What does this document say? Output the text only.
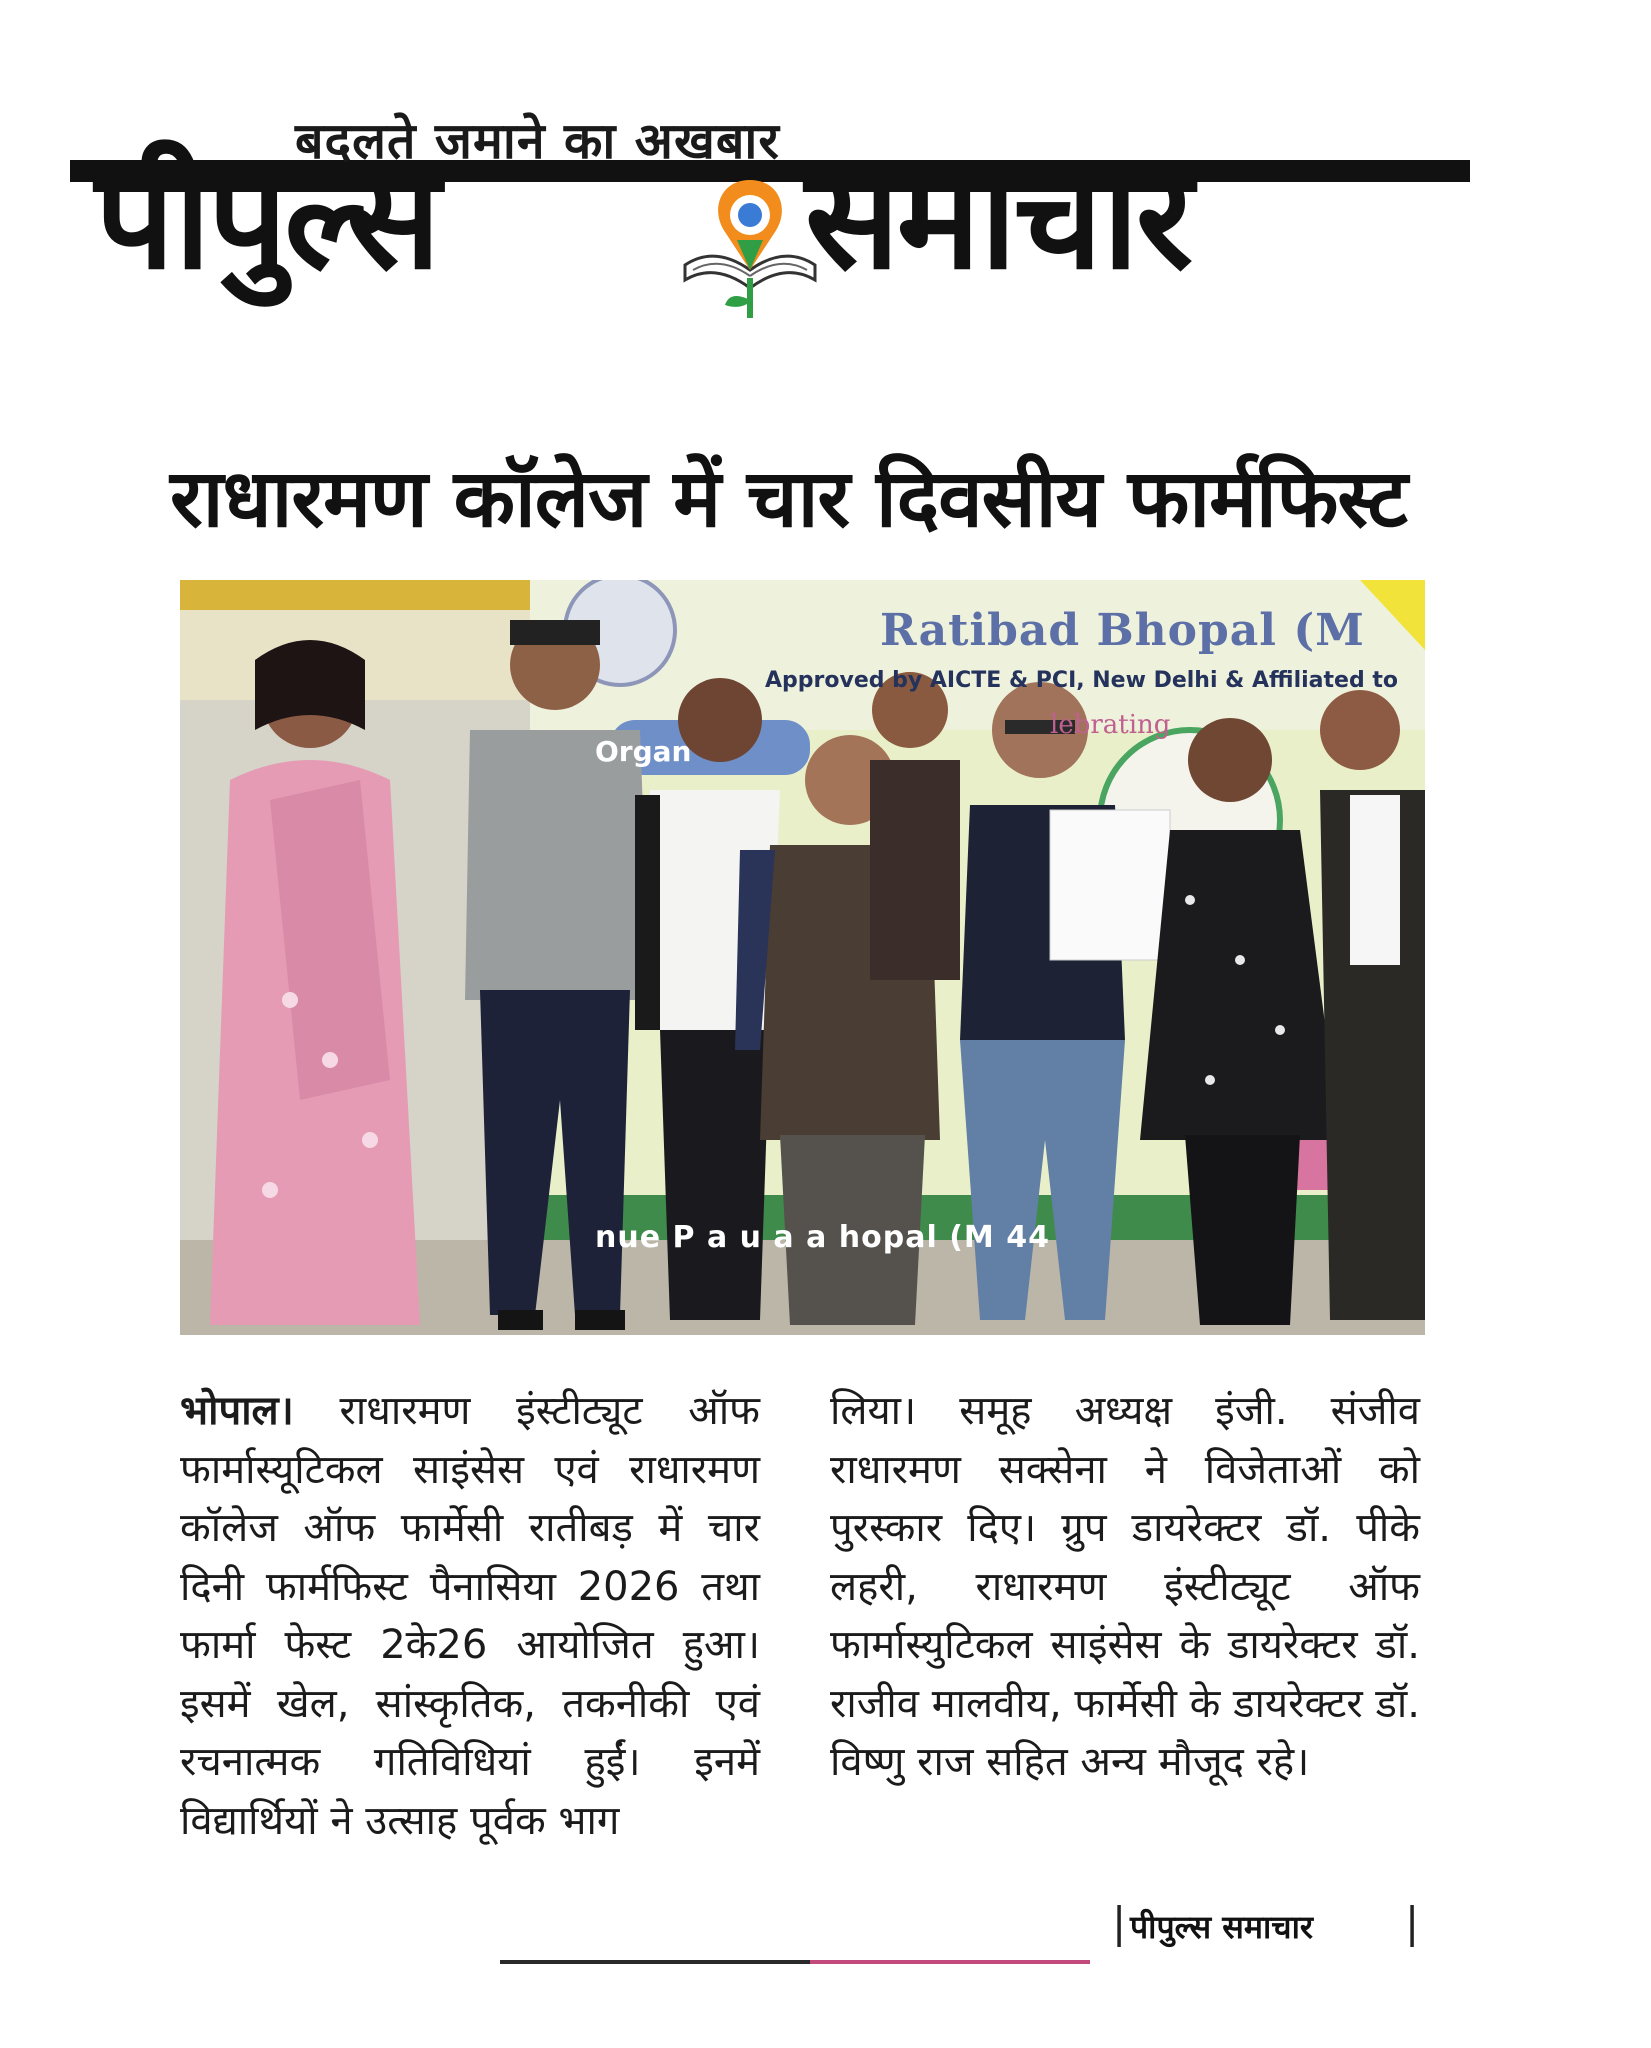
बदलते जमाने का अखबार
पीपुल्स	समाचार
राधारमण कॉलेज में चार दिवसीय फार्मफिस्ट
Ratibad Bhopal (M
Approved by AICTE & PCI, New Delhi & Affiliated to
lebrating
Organ
nue P a u a a hopal (M 44

भोपाल। राधारमण इंस्टीट्यूट ऑफ फार्मास्यूटिकल साइंसेस एवं राधारमण कॉलेज ऑफ फार्मेसी रातीबड़ में चार दिनी फार्मफिस्ट पैनासिया 2026 तथा फार्मा फेस्ट 2के26 आयोजित हुआ। इसमें खेल, सांस्कृतिक, तकनीकी एवं रचनात्मक गतिविधियां हुईं। इनमें विद्यार्थियों ने उत्साह पूर्वक भाग

लिया। समूह अध्यक्ष इंजी. संजीव राधारमण सक्सेना ने विजेताओं को पुरस्कार दिए। ग्रुप डायरेक्टर डॉ. पीके लहरी, राधारमण इंस्टीट्यूट ऑफ फार्मास्युटिकल साइंसेस के डायरेक्टर डॉ. राजीव मालवीय, फार्मेसी के डायरेक्टर डॉ. विष्णु राज सहित अन्य मौजूद रहे।

| पीपुल्स समाचार |
